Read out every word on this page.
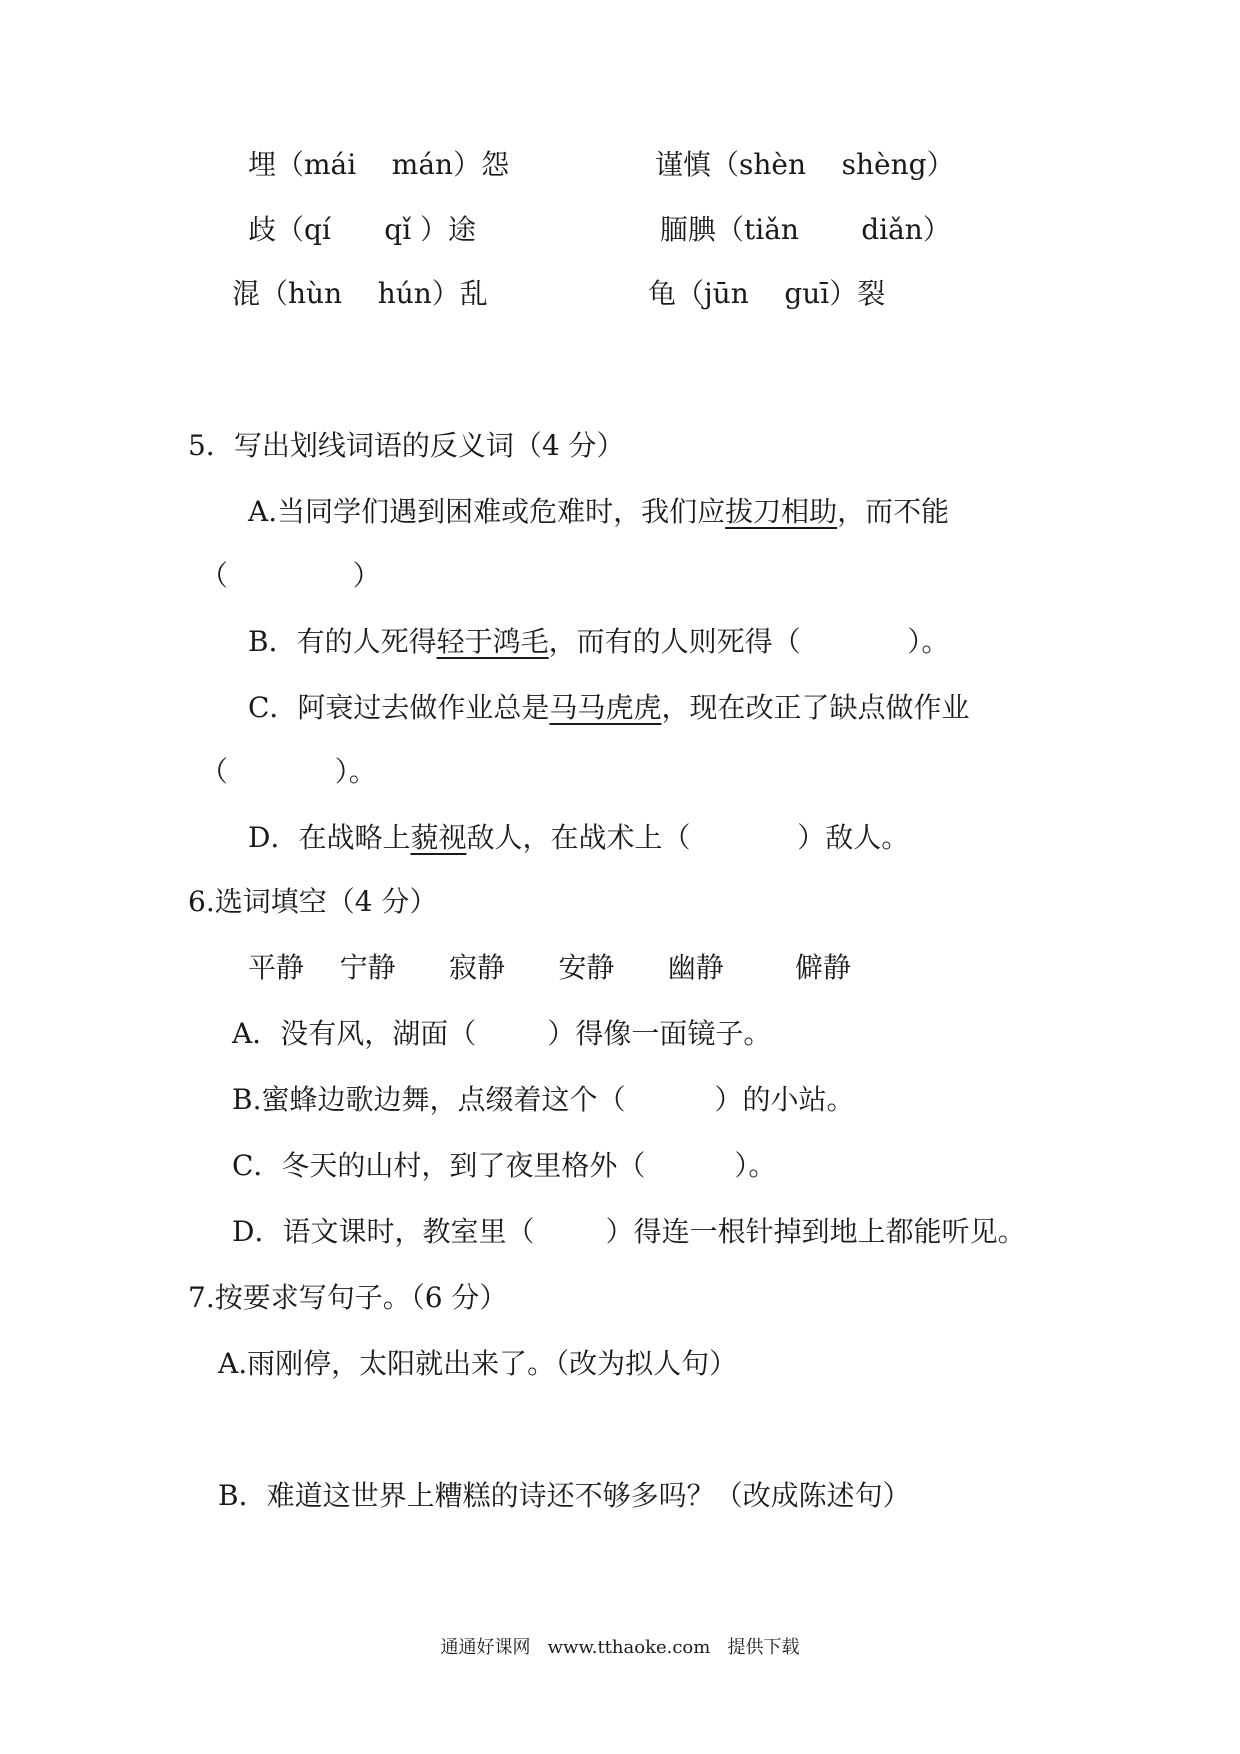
埋（mái    mán）怨	谨慎（shèn    shèng）
歧（qí      qǐ ）途	腼腆（tiǎn       diǎn）
混（hùn    hún）乱	龟（jūn    guī）裂
5．写出划线词语的反义词（4 分）
A.当同学们遇到困难或危难时，我们应拔刀相助，而不能
（              ）
B．有的人死得轻于鸿毛，而有的人则死得（            ）。
C．阿衰过去做作业总是马马虎虎，现在改正了缺点做作业
（            ）。
D．在战略上藐视敌人，在战术上（            ）敌人。
6.选词填空（4 分）
平静    宁静      寂静      安静      幽静        僻静
A．没有风，湖面（        ）得像一面镜子。
B.蜜蜂边歌边舞，点缀着这个（          ）的小站。
C．冬天的山村，到了夜里格外（          ）。
D．语文课时，教室里（        ）得连一根针掉到地上都能听见。
7.按要求写句子。（6 分）
A.雨刚停，太阳就出来了。（改为拟人句）
B．难道这世界上糟糕的诗还不够多吗？（改成陈述句）
通通好课网   www.tthaoke.com   提供下载
